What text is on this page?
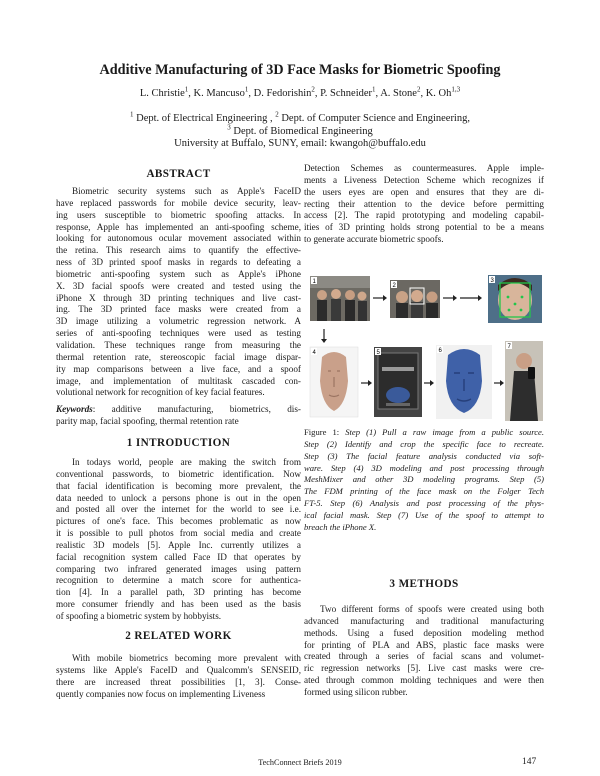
Additive Manufacturing of 3D Face Masks for Biometric Spoofing
L. Christie$^1$, K. Mancuso$^1$, D. Fedorishin$^2$, P. Schneider$^1$, A. Stone$^2$, K. Oh$^{1,3}$
$^1$ Dept. of Electrical Engineering , $^2$ Dept. of Computer Science and Engineering,
$^3$ Dept. of Biomedical Engineering
University at Buffalo, SUNY, email: kwangoh@buffalo.edu
ABSTRACT
Biometric security systems such as Apple's FaceID
have replaced passwords for mobile device security, leav-
ing users susceptible to biometric spoofing attacks. In
response, Apple has implemented an anti-spoofing scheme,
looking for autonomous ocular movement associated within
the retina. This research aims to quantify the effective-
ness of 3D printed spoof masks in regards to defeating a
biometric anti-spoofing system such as Apple's iPhone
X. 3D facial spoofs were created and tested using the
iPhone X through 3D printing techniques and live cast-
ing. The 3D printed face masks were created from a
3D image utilizing a volumetric regression network. A
series of anti-spoofing techniques were used as testing
validation. These techniques range from measuring the
thermal retention rate, stereoscopic facial image dispar-
ity map comparisons between a live face, and a spoof
image, and implementation of multitask cascaded con-
volutional network for recognition of key facial features.
Keywords: additive manufacturing, biometrics, dis-
parity map, facial spoofing, thermal retention rate
1 INTRODUCTION
In todays world, people are making the switch from
conventional passwords, to biometric identification. Now
that facial identification is becoming more prevalent, the
data needed to unlock a persons phone is out in the open
and posted all over the internet for the world to see i.e.
pictures of one's face. This becomes problematic as now
it is possible to pull photos from social media and create
realistic 3D models [5]. Apple Inc. currently utilizes a
facial recognition system called Face ID that operates by
comparing two infrared generated images using pattern
recognition to determine a match score for authentica-
tion [4]. In a parallel path, 3D printing has become
more consumer friendly and has been used as the basis
of spoofing a biometric system by hobbyists.
2 RELATED WORK
With mobile biometrics becoming more prevalent with
systems like Apple's FaceID and Qualcomm's SENSEID,
there are increased threat possibilities [1, 3]. Conse-
quently companies now focus on implementing Liveness
Detection Schemes as countermeasures. Apple imple-
ments a Liveness Detection Scheme which recognizes if
the users eyes are open and ensures that they are di-
recting their attention to the device before permitting
access [2]. The rapid prototyping and modeling capabil-
ities of 3D printing holds strong potential to be a means
to generate accurate biometric spoofs.
1
2
3
4	5	6
7
Figure 1: Step (1) Pull a raw image from a public source.
Step (2) Identify and crop the specific face to recreate.
Step (3) The facial feature analysis conducted via soft-
ware. Step (4) 3D modeling and post processing through
MeshMixer and other 3D modeling programs. Step (5)
The FDM printing of the face mask on the Folger Tech
FT-5. Step (6) Analysis and post processing of the phys-
ical facial mask. Step (7) Use of the spoof to attempt to
breach the iPhone X.
3 METHODS
Two different forms of spoofs were created using both
advanced manufacturing and traditional manufacturing
methods. Using a fused deposition modeling method
for printing of PLA and ABS, plastic face masks were
created through a series of facial scans and volumet-
ric regression networks [5]. Live cast masks were cre-
ated through common molding techniques and were then
formed using silicon rubber.
TechConnect Briefs 2019	147
